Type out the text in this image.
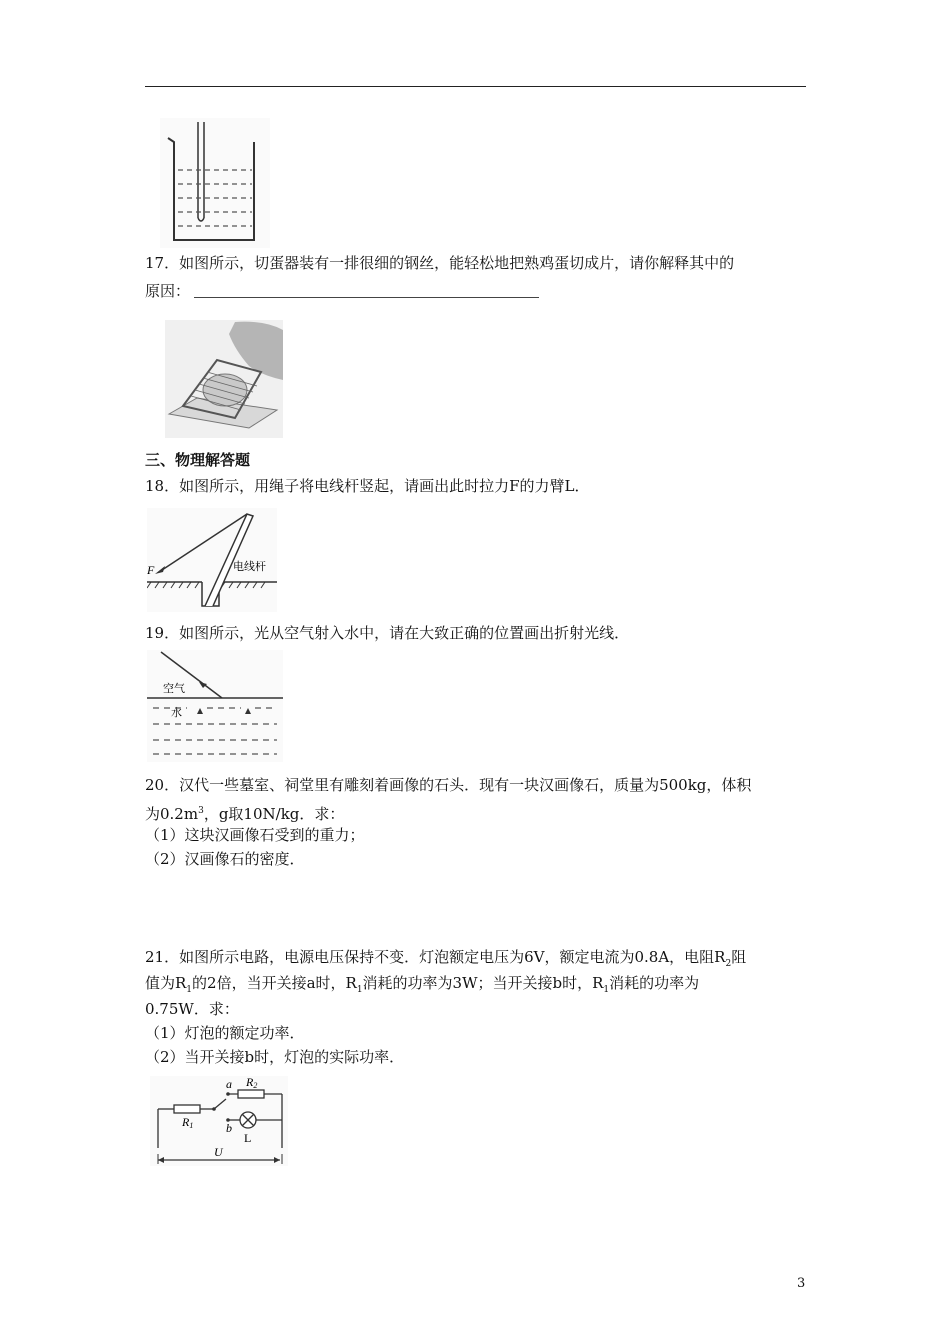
17．如图所示，切蛋器装有一排很细的钢丝，能轻松地把熟鸡蛋切成片，请你解释其中的
原因：
三、物理解答题
18．如图所示，用绳子将电线杆竖起，请画出此时拉力F的力臂L．
F	电线杆
19．如图所示，光从空气射入水中，请在大致正确的位置画出折射光线．
空气
水
20．汉代一些墓室、祠堂里有雕刻着画像的石头．现有一块汉画像石，质量为500kg，体积
为$0.2m^3$，g取10N/kg．求：
（1）这块汉画像石受到的重力；
（2）汉画像石的密度．
21．如图所示电路，电源电压保持不变．灯泡额定电压为6V，额定电流为0.8A，电阻$R_2$阻
值为$R_1$的2倍，当开关接a时，$R_1$消耗的功率为3W；当开关接b时，$R_1$消耗的功率为
0.75W．求：
（1）灯泡的额定功率．
（2）当开关接b时，灯泡的实际功率．
a
b
R1
R2
U
L
3
